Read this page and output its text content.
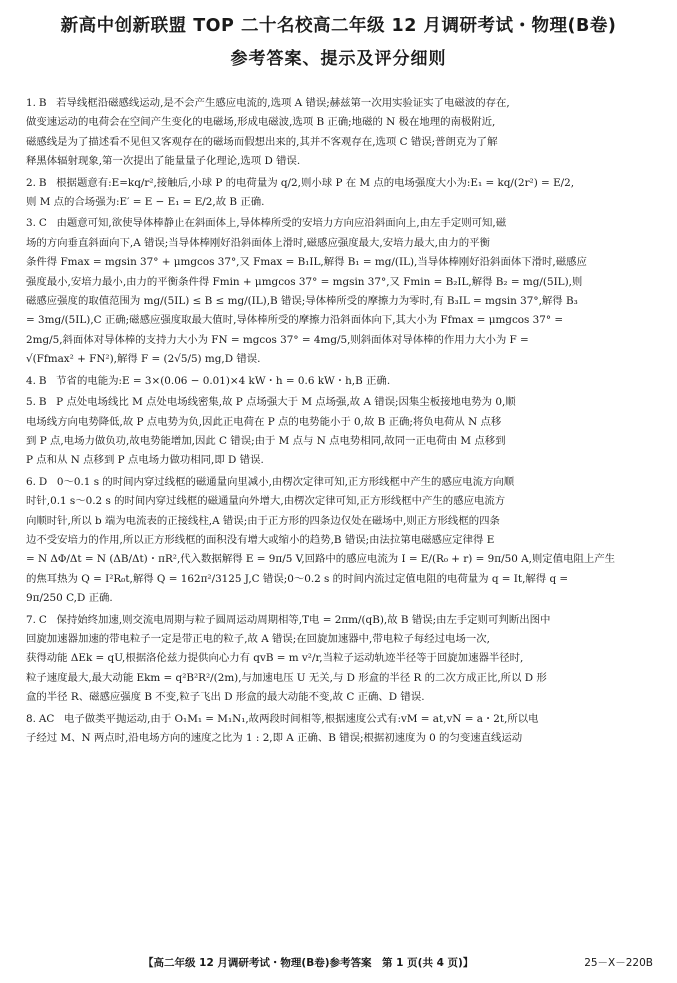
新高中创新联盟 TOP 二十名校高二年级 12 月调研考试・物理(B卷)
参考答案、提示及评分细则

1. B 若导线框沿磁感线运动,是不会产生感应电流的,选项 A 错误;赫兹第一次用实验证实了电磁波的存在,

做变速运动的电荷会在空间产生变化的电磁场,形成电磁波,选项 B 正确;地磁的 N 极在地理的南极附近,

磁感线是为了描述看不见但又客观存在的磁场而假想出来的,其并不客观存在,选项 C 错误;普朗克为了解

释黑体辐射现象,第一次提出了能量量子化理论,选项 D 错误.

2. B 根据题意有:E=kq/r²,接触后,小球 P 的电荷量为 q/2,则小球 P 在 M 点的电场强度大小为:E₁ = kq/(2r²) = E/2,

则 M 点的合场强为:E′ = E − E₁ = E/2,故 B 正确.

3. C 由题意可知,欲使导体棒静止在斜面体上,导体棒所受的安培力方向应沿斜面向上,由左手定则可知,磁

场的方向垂直斜面向下,A 错误;当导体棒刚好沿斜面体上滑时,磁感应强度最大,安培力最大,由力的平衡

条件得 Fmax = mgsin 37° + μmgcos 37°,又 Fmax = B₁IL,解得 B₁ = mg/(IL),当导体棒刚好沿斜面体下滑时,磁感应

强度最小,安培力最小,由力的平衡条件得 Fmin + μmgcos 37° = mgsin 37°,又 Fmin = B₂IL,解得 B₂ = mg/(5IL),则

磁感应强度的取值范围为 mg/(5IL) ≤ B ≤ mg/(IL),B 错误;导体棒所受的摩擦力为零时,有 B₃IL = mgsin 37°,解得 B₃

= 3mg/(5IL),C 正确;磁感应强度取最大值时,导体棒所受的摩擦力沿斜面体向下,其大小为 Ffmax = μmgcos 37° =

2mg/5,斜面体对导体棒的支持力大小为 FN = mgcos 37° = 4mg/5,则斜面体对导体棒的作用力大小为 F =

√(Ffmax² + FN²),解得 F = (2√5/5) mg,D 错误.

4. B 节省的电能为:E = 3×(0.06 − 0.01)×4 kW・h = 0.6 kW・h,B 正确.

5. B P 点处电场线比 M 点处电场线密集,故 P 点场强大于 M 点场强,故 A 错误;因集尘板接地电势为 0,顺

电场线方向电势降低,故 P 点电势为负,因此正电荷在 P 点的电势能小于 0,故 B 正确;将负电荷从 N 点移

到 P 点,电场力做负功,故电势能增加,因此 C 错误;由于 M 点与 N 点电势相同,故同一正电荷由 M 点移到

P 点和从 N 点移到 P 点电场力做功相同,即 D 错误.

6. D 0～0.1 s 的时间内穿过线框的磁通量向里减小,由楞次定律可知,正方形线框中产生的感应电流方向顺

时针,0.1 s～0.2 s 的时间内穿过线框的磁通量向外增大,由楞次定律可知,正方形线框中产生的感应电流方

向顺时针,所以 b 端为电流表的正接线柱,A 错误;由于正方形的四条边仅处在磁场中,则正方形线框的四条

边不受安培力的作用,所以正方形线框的面积没有增大或缩小的趋势,B 错误;由法拉第电磁感应定律得 E

= N ΔΦ/Δt = N (ΔB/Δt)・πR²,代入数据解得 E = 9π/5 V,回路中的感应电流为 I = E/(R₀ + r) = 9π/50 A,则定值电阻上产生

的焦耳热为 Q = I²R₀t,解得 Q = 162π²/3125 J,C 错误;0～0.2 s 的时间内流过定值电阻的电荷量为 q = It,解得 q =

9π/250 C,D 正确.

7. C 保持始终加速,则交流电周期与粒子圆周运动周期相等,T电 = 2πm/(qB),故 B 错误;由左手定则可判断出图中

回旋加速器加速的带电粒子一定是带正电的粒子,故 A 错误;在回旋加速器中,带电粒子每经过电场一次,

获得动能 ΔEk = qU,根据洛伦兹力提供向心力有 qvB = m v²/r,当粒子运动轨迹半径等于回旋加速器半径时,

粒子速度最大,最大动能 Ekm = q²B²R²/(2m),与加速电压 U 无关,与 D 形盒的半径 R 的二次方成正比,所以 D 形

盒的半径 R、磁感应强度 B 不变,粒子飞出 D 形盒的最大动能不变,故 C 正确、D 错误.

8. AC 电子做类平抛运动,由于 O₁M₁ = M₁N₁,故两段时间相等,根据速度公式有:vM = at,vN = a・2t,所以电

子经过 M、N 两点时,沿电场方向的速度之比为 1 : 2,即 A 正确、B 错误;根据初速度为 0 的匀变速直线运动

【高二年级 12 月调研考试・物理(B卷)参考答案　第 1 页(共 4 页)】	25－X－220B
